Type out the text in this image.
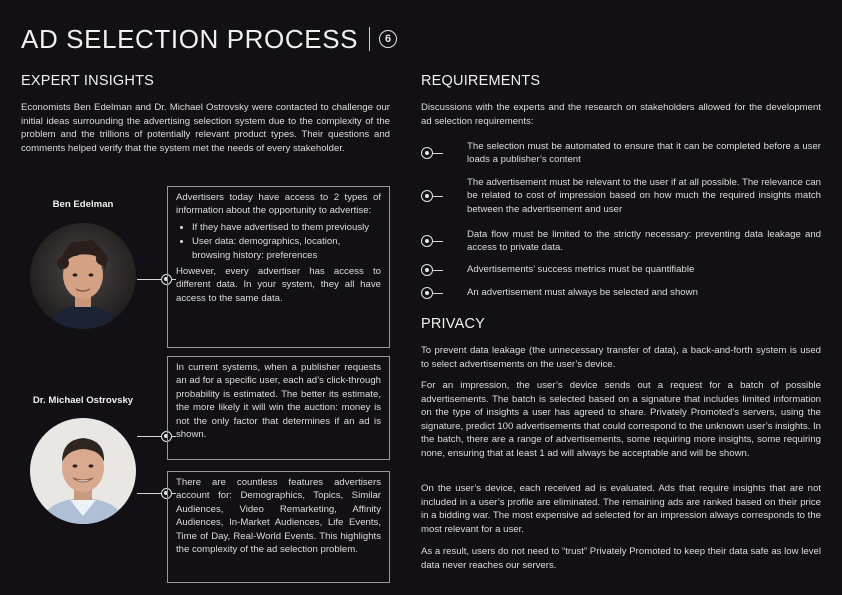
AD SELECTION PROCESS	6
EXPERT INSIGHTS

Economists Ben Edelman and Dr. Michael Ostrovsky were contacted to challenge our initial ideas surrounding the advertising selection system due to the complexity of the problem and the trillions of potentially relevant product types. Their questions and comments helped verify that the system met the needs of every stakeholder.

Ben Edelman

Advertisers today have access to 2 types of information about the opportunity to advertise:

• If they have advertised to them previously
• User data: demographics, location, browsing history: preferences

However, every advertiser has access to different data. In your system, they all have access to the same data.

Dr. Michael Ostrovsky
In current systems, when a publisher requests an ad for a specific user, each ad’s click-through probability is estimated. The better its estimate, the more likely it will win the auction: money is not the only factor that determines if an ad is shown.
There are countless features advertisers account for: Demographics, Topics, Similar Audiences, Video Remarketing, Affinity Audiences, In-Market Audiences, Life Events, Time of Day, Real-World Events. This highlights the complexity of the ad selection problem.
REQUIREMENTS

Discussions with the experts and the research on stakeholders allowed for the development ad selection requirements:

The selection must be automated to ensure that it can be completed before a user loads a publisher’s content
The advertisement must be relevant to the user if at all possible. The relevance can be related to cost of impression based on how much the required insights match between the advertisement and user
Data flow must be limited to the strictly necessary: preventing data leakage and access to private data.
Advertisements’ success metrics must be quantifiable
An advertisement must always be selected and shown
PRIVACY

To prevent data leakage (the unnecessary transfer of data), a back-and-forth system is used to select advertisements on the user’s device.

For an impression, the user’s device sends out a request for a batch of possible advertisements. The batch is selected based on a signature that includes limited information on the type of insights a user has agreed to share. Privately Promoted’s servers, using the signature, predict 100 advertisements that could correspond to the unknown user’s insights. In the batch, there are a range of advertisements, some requiring more insights, some requiring none, ensuring that at least 1 ad will always be acceptable and will be shown.

On the user’s device, each received ad is evaluated. Ads that require insights that are not included in a user’s profile are eliminated. The remaining ads are ranked based on their price in a bidding war. The most expensive ad selected for an impression always corresponds to the most relevant for a user.

As a result, users do not need to “trust” Privately Promoted to keep their data safe as low level data never reaches our servers.
